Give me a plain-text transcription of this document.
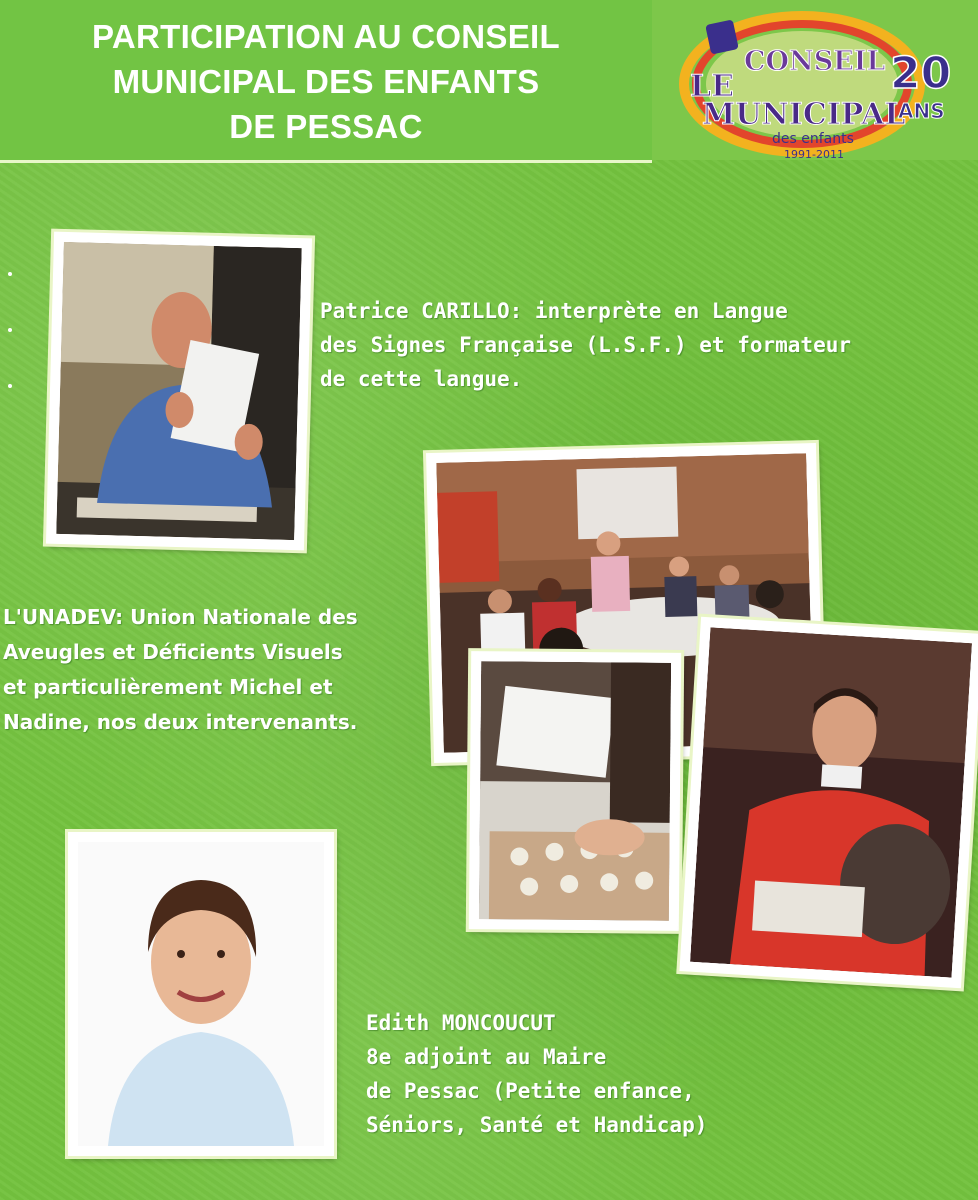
PARTICIPATION AU CONSEIL
MUNICIPAL DES ENFANTS
DE PESSAC
LE
CONSEIL
MUNICIPAL
des enfants
1991-2011
20
ANS
Patrice CARILLO: interprète en Langue
des Signes Française (L.S.F.) et formateur
de cette langue.
L'UNADEV: Union Nationale des
Aveugles et Déficients Visuels
et particulièrement Michel et
Nadine, nos deux intervenants.
Edith MONCOUCUT
8e adjoint au Maire
de Pessac (Petite enfance,
Séniors, Santé et Handicap)
